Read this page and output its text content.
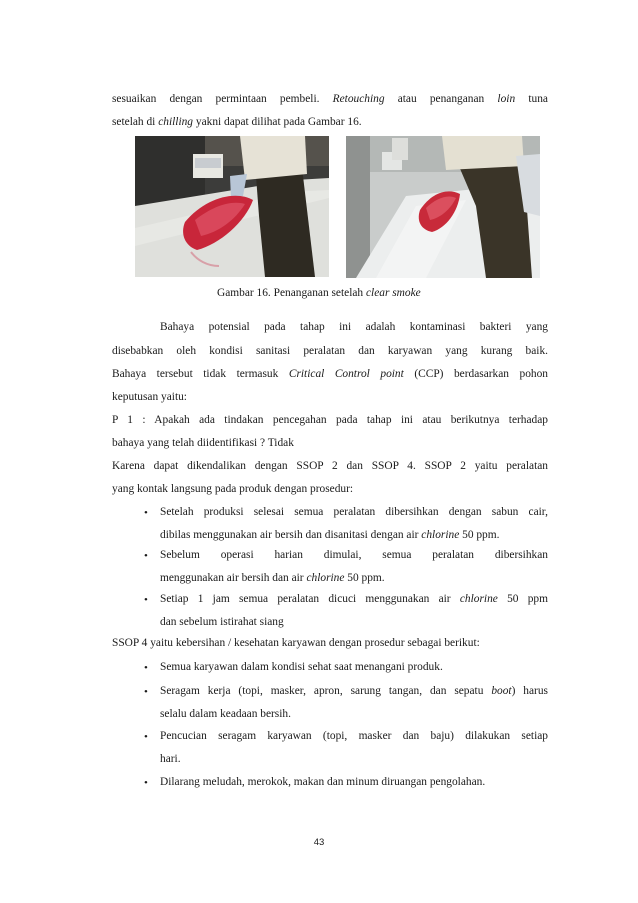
sesuaikan dengan permintaan pembeli. Retouching atau penanganan loin tuna
setelah di chilling yakni dapat dilihat pada Gambar 16.
Gambar 16. Penanganan setelah clear smoke
Bahaya potensial pada tahap ini adalah kontaminasi bakteri yang
disebabkan oleh kondisi sanitasi peralatan dan karyawan yang kurang baik.
Bahaya tersebut tidak termasuk Critical Control point (CCP) berdasarkan pohon
keputusan yaitu:
P 1 : Apakah ada tindakan pencegahan pada tahap ini atau berikutnya terhadap
bahaya yang telah diidentifikasi ? Tidak
Karena dapat dikendalikan dengan SSOP 2 dan SSOP 4. SSOP 2 yaitu peralatan
yang kontak langsung pada produk dengan prosedur:
• Setelah produksi selesai semua peralatan dibersihkan dengan sabun cair,
dibilas menggunakan air bersih dan disanitasi dengan air chlorine 50 ppm.
• Sebelum operasi harian dimulai, semua peralatan dibersihkan
menggunakan air bersih dan air chlorine 50 ppm.
• Setiap 1 jam semua peralatan dicuci menggunakan air chlorine 50 ppm
dan sebelum istirahat siang
SSOP 4 yaitu kebersihan / kesehatan karyawan dengan prosedur sebagai berikut:
• Semua karyawan dalam kondisi sehat saat menangani produk.
• Seragam kerja (topi, masker, apron, sarung tangan, dan sepatu boot) harus
selalu dalam keadaan bersih.
• Pencucian seragam karyawan (topi, masker dan baju) dilakukan setiap
hari.
• Dilarang meludah, merokok, makan dan minum diruangan pengolahan.
43
